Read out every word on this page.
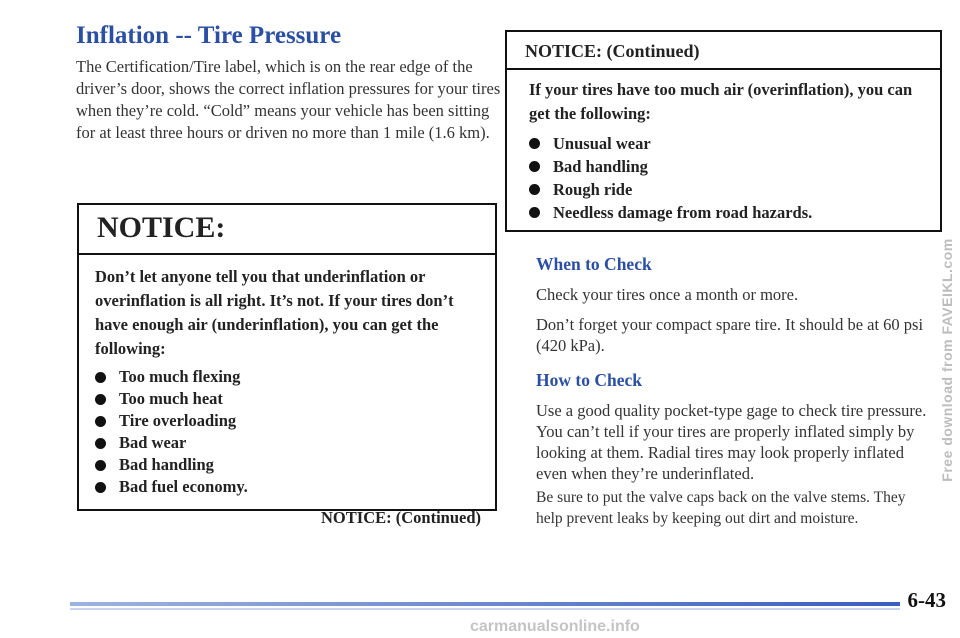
Inflation -- Tire Pressure

The Certification/Tire label, which is on the rear edge of the driver’s door, shows the correct inflation pressures for your tires when they’re cold. “Cold” means your vehicle has been sitting for at least three hours or driven no more than 1 mile (1.6 km).

NOTICE:

Don’t let anyone tell you that underinflation or overinflation is all right. It’s not. If your tires don’t have enough air (underinflation), you can get the following:

Too much flexing
Too much heat
Tire overloading
Bad wear
Bad handling
Bad fuel economy.
NOTICE: (Continued)
NOTICE: (Continued)

If your tires have too much air (overinflation), you can get the following:

Unusual wear
Bad handling
Rough ride
Needless damage from road hazards.
When to Check

Check your tires once a month or more.

Don’t forget your compact spare tire. It should be at 60 psi (420 kPa).

How to Check

Use a good quality pocket-type gage to check tire pressure. You can’t tell if your tires are properly inflated simply by looking at them. Radial tires may look properly inflated even when they’re underinflated.

Be sure to put the valve caps back on the valve stems. They help prevent leaks by keeping out dirt and moisture.

6-43
Free download from FAVEIKL.com
carmanualsonline.info
